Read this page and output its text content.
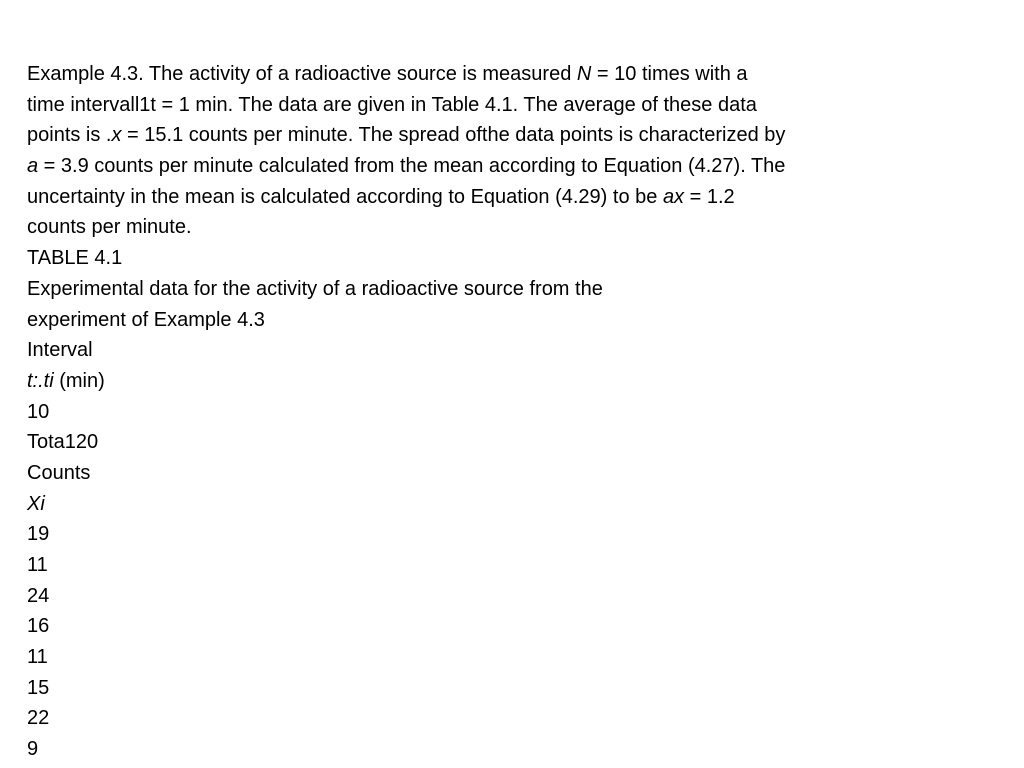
Example 4.3. The activity of a radioactive source is measured N = 10 times with a
time intervall1t = 1 min. The data are given in Table 4.1. The average of these data
points is .x = 15.1 counts per minute. The spread ofthe data points is characterized by
a = 3.9 counts per minute calculated from the mean according to Equation (4.27). The
uncertainty in the mean is calculated according to Equation (4.29) to be ax = 1.2
counts per minute.
TABLE 4.1
Experimental data for the activity of a radioactive source from the
experiment of Example 4.3
Interval
t:.ti (min)
10
Tota120
Counts
Xi
19
11
24
16
11
15
22
9
